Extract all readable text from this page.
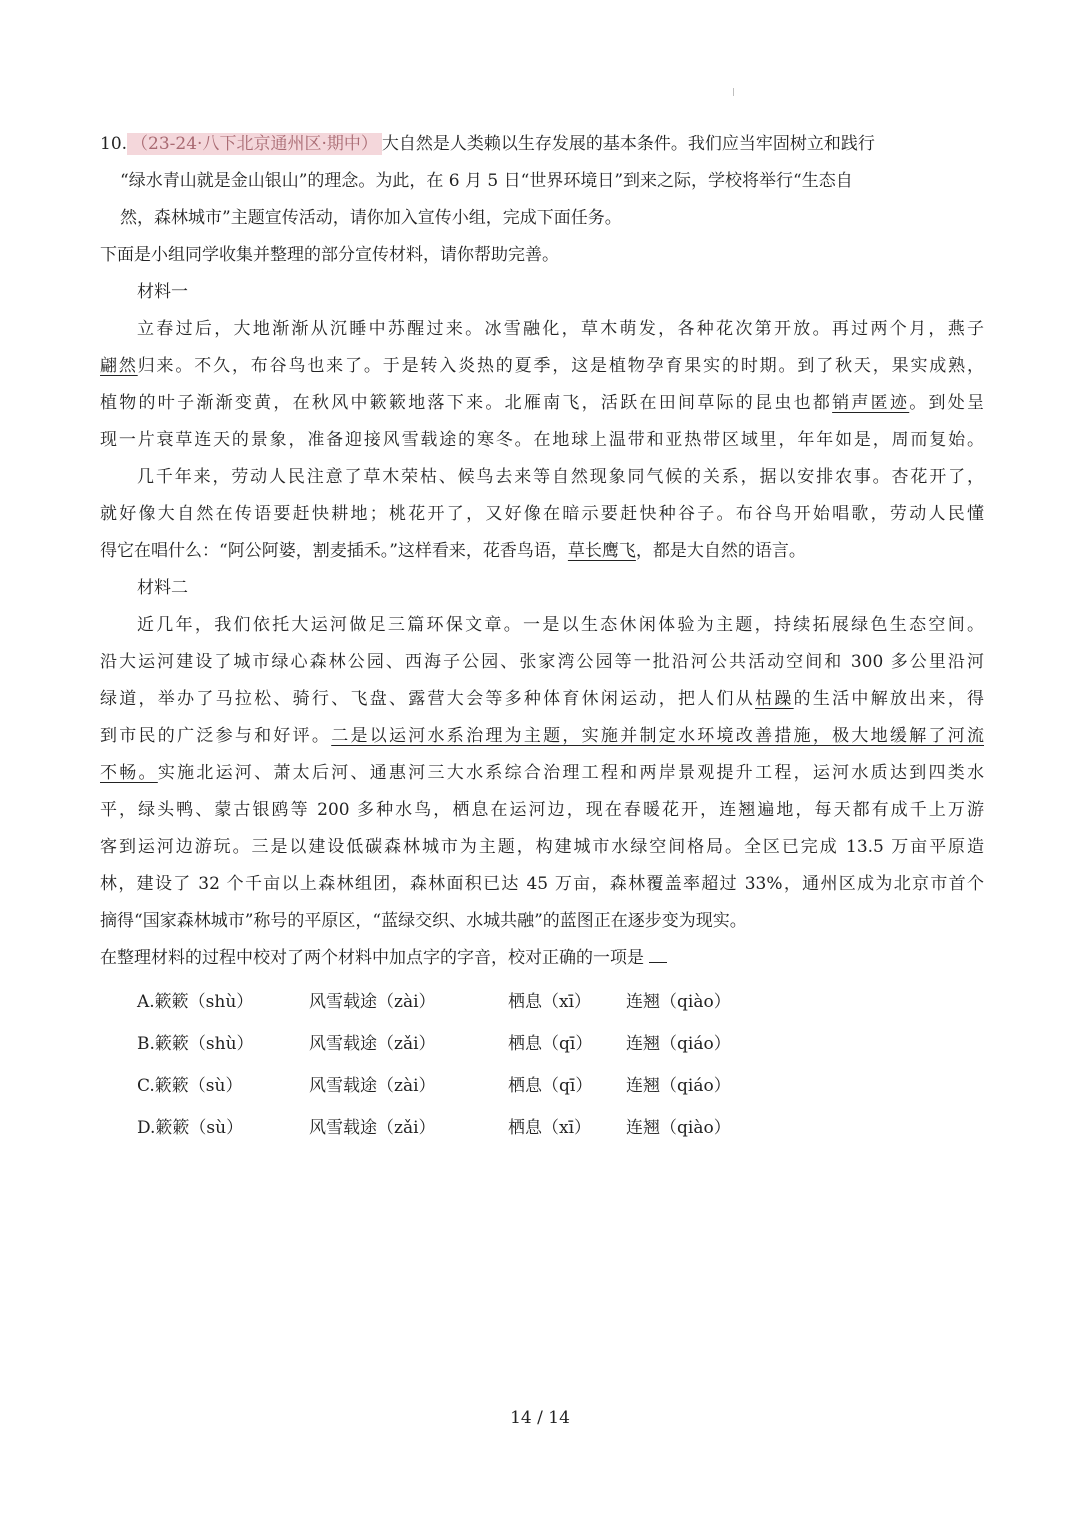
10. （23-24·八下北京通州区·期中） 大自然是人类赖以生存发展的基本条件。我们应当牢固树立和践行
“绿水青山就是金山银山”的理念。为此，在 6 月 5 日“世界环境日”到来之际，学校将举行“生态自
然，森林城市”主题宣传活动，请你加入宣传小组，完成下面任务。
下面是小组同学收集并整理的部分宣传材料，请你帮助完善。
材料一
立春过后，大地渐渐从沉睡中苏醒过来。冰雪融化，草木萌发，各种花次第开放。再过两个月，燕子
翩然归来。不久，布谷鸟也来了。于是转入炎热的夏季，这是植物孕育果实的时期。到了秋天，果实成熟，
植物的叶子渐渐变黄，在秋风中簌簌地落下来。北雁南飞，活跃在田间草际的昆虫也都销声匿迹。到处呈
现一片衰草连天的景象，准备迎接风雪载途的寒冬。在地球上温带和亚热带区域里，年年如是，周而复始。
几千年来，劳动人民注意了草木荣枯、候鸟去来等自然现象同气候的关系，据以安排农事。杏花开了，
就好像大自然在传语要赶快耕地；桃花开了，又好像在暗示要赶快种谷子。布谷鸟开始唱歌，劳动人民懂
得它在唱什么：“阿公阿婆，割麦插禾。”这样看来，花香鸟语，草长鹰飞，都是大自然的语言。
材料二
近几年，我们依托大运河做足三篇环保文章。一是以生态休闲体验为主题，持续拓展绿色生态空间。
沿大运河建设了城市绿心森林公园、西海子公园、张家湾公园等一批沿河公共活动空间和 300 多公里沿河
绿道，举办了马拉松、骑行、飞盘、露营大会等多种体育休闲运动，把人们从枯躁的生活中解放出来，得
到市民的广泛参与和好评。二是以运河水系治理为主题，实施并制定水环境改善措施，极大地缓解了河流
不畅。实施北运河、萧太后河、通惠河三大水系综合治理工程和两岸景观提升工程，运河水质达到四类水
平，绿头鸭、蒙古银鸥等 200 多种水鸟，栖息在运河边，现在春暖花开，连翘遍地，每天都有成千上万游
客到运河边游玩。三是以建设低碳森林城市为主题，构建城市水绿空间格局。全区已完成 13.5 万亩平原造
林，建设了 32 个千亩以上森林组团，森林面积已达 45 万亩，森林覆盖率超过 33%，通州区成为北京市首个
摘得“国家森林城市”称号的平原区，“蓝绿交织、水城共融”的蓝图正在逐步变为现实。
在整理材料的过程中校对了两个材料中加点字的字音，校对正确的一项是
A.簌簌（shù）	风雪载途（zài）	栖息（xī） 连翘（qiào）
B.簌簌（shù）	风雪载途（zǎi）	栖息（qī） 连翘（qiáo）
C.簌簌（sù）	风雪载途（zài）	栖息（qī） 连翘（qiáo）
D.簌簌（sù）	风雪载途（zǎi）	栖息（xī） 连翘（qiào）
14 / 14
